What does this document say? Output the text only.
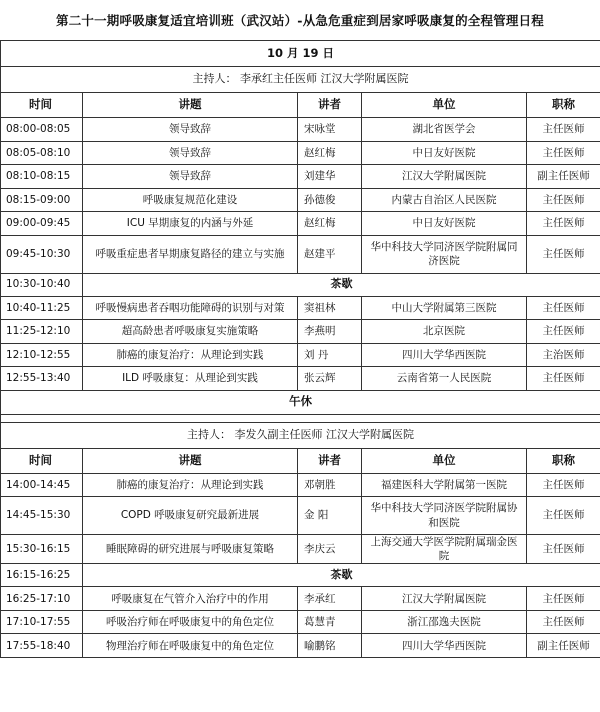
第二十一期呼吸康复适宜培训班（武汉站）-从急危重症到居家呼吸康复的全程管理日程
10 月 19 日				
主持人： 李承红主任医师 江汉大学附属医院				
时间	讲题	讲者	单位	职称
08:00-08:05	领导致辞	宋咏堂	湖北省医学会	主任医师
08:05-08:10	领导致辞	赵红梅	中日友好医院	主任医师
08:10-08:15	领导致辞	刘建华	江汉大学附属医院	副主任医师
08:15-09:00	呼吸康复规范化建设	孙德俊	内蒙古自治区人民医院	主任医师
09:00-09:45	ICU 早期康复的内涵与外延	赵红梅	中日友好医院	主任医师
09:45-10:30	呼吸重症患者早期康复路径的建立与实施	赵建平	华中科技大学同济医学院附属同济医院	主任医师
10:30-10:40	茶歇			
10:40-11:25	呼吸慢病患者吞咽功能障碍的识别与对策	窦祖林	中山大学附属第三医院	主任医师
11:25-12:10	超高龄患者呼吸康复实施策略	李燕明	北京医院	主任医师
12:10-12:55	肺癌的康复治疗：从理论到实践	刘 丹	四川大学华西医院	主治医师
12:55-13:40	ILD 呼吸康复：从理论到实践	张云辉	云南省第一人民医院	主任医师
午休				

主持人： 李发久副主任医师 江汉大学附属医院				
时间	讲题	讲者	单位	职称
14:00-14:45	肺癌的康复治疗：从理论到实践	邓朝胜	福建医科大学附属第一医院	主任医师
14:45-15:30	COPD 呼吸康复研究最新进展	金 阳	华中科技大学同济医学院附属协和医院	主任医师
15:30-16:15	睡眠障碍的研究进展与呼吸康复策略	李庆云	上海交通大学医学院附属瑞金医院	主任医师
16:15-16:25	茶歇			
16:25-17:10	呼吸康复在气管介入治疗中的作用	李承红	江汉大学附属医院	主任医师
17:10-17:55	呼吸治疗师在呼吸康复中的角色定位	葛慧青	浙江邵逸夫医院	主任医师
17:55-18:40	物理治疗师在呼吸康复中的角色定位	喻鹏铭	四川大学华西医院	副主任医师
